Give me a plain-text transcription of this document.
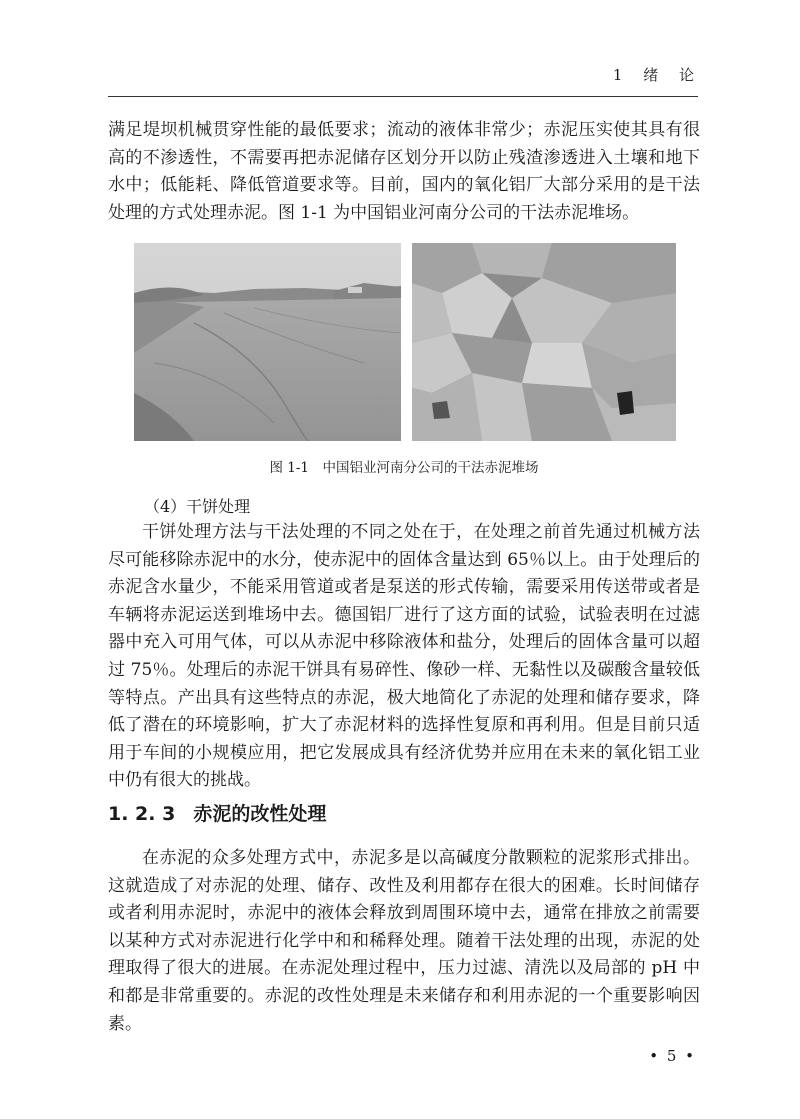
1 绪 论

满足堤坝机械贯穿性能的最低要求；流动的液体非常少；赤泥压实使其具有很高的不渗透性，不需要再把赤泥储存区划分开以防止残渣渗透进入土壤和地下水中；低能耗、降低管道要求等。目前，国内的氧化铝厂大部分采用的是干法处理的方式处理赤泥。图 1-1 为中国铝业河南分公司的干法赤泥堆场。

图 1-1　中国铝业河南分公司的干法赤泥堆场
（4）干饼处理

干饼处理方法与干法处理的不同之处在于，在处理之前首先通过机械方法尽可能移除赤泥中的水分，使赤泥中的固体含量达到 65％以上。由于处理后的赤泥含水量少，不能采用管道或者是泵送的形式传输，需要采用传送带或者是车辆将赤泥运送到堆场中去。德国铝厂进行了这方面的试验，试验表明在过滤器中充入可用气体，可以从赤泥中移除液体和盐分，处理后的固体含量可以超过 75％。处理后的赤泥干饼具有易碎性、像砂一样、无黏性以及碳酸含量较低等特点。产出具有这些特点的赤泥，极大地简化了赤泥的处理和储存要求，降低了潜在的环境影响，扩大了赤泥材料的选择性复原和再利用。但是目前只适用于车间的小规模应用，把它发展成具有经济优势并应用在未来的氧化铝工业中仍有很大的挑战。

1. 2. 3 赤泥的改性处理

在赤泥的众多处理方式中，赤泥多是以高碱度分散颗粒的泥浆形式排出。这就造成了对赤泥的处理、储存、改性及利用都存在很大的困难。长时间储存或者利用赤泥时，赤泥中的液体会释放到周围环境中去，通常在排放之前需要以某种方式对赤泥进行化学中和和稀释处理。随着干法处理的出现，赤泥的处理取得了很大的进展。在赤泥处理过程中，压力过滤、清洗以及局部的 pH 中和都是非常重要的。赤泥的改性处理是未来储存和利用赤泥的一个重要影响因素。

• 5 •
